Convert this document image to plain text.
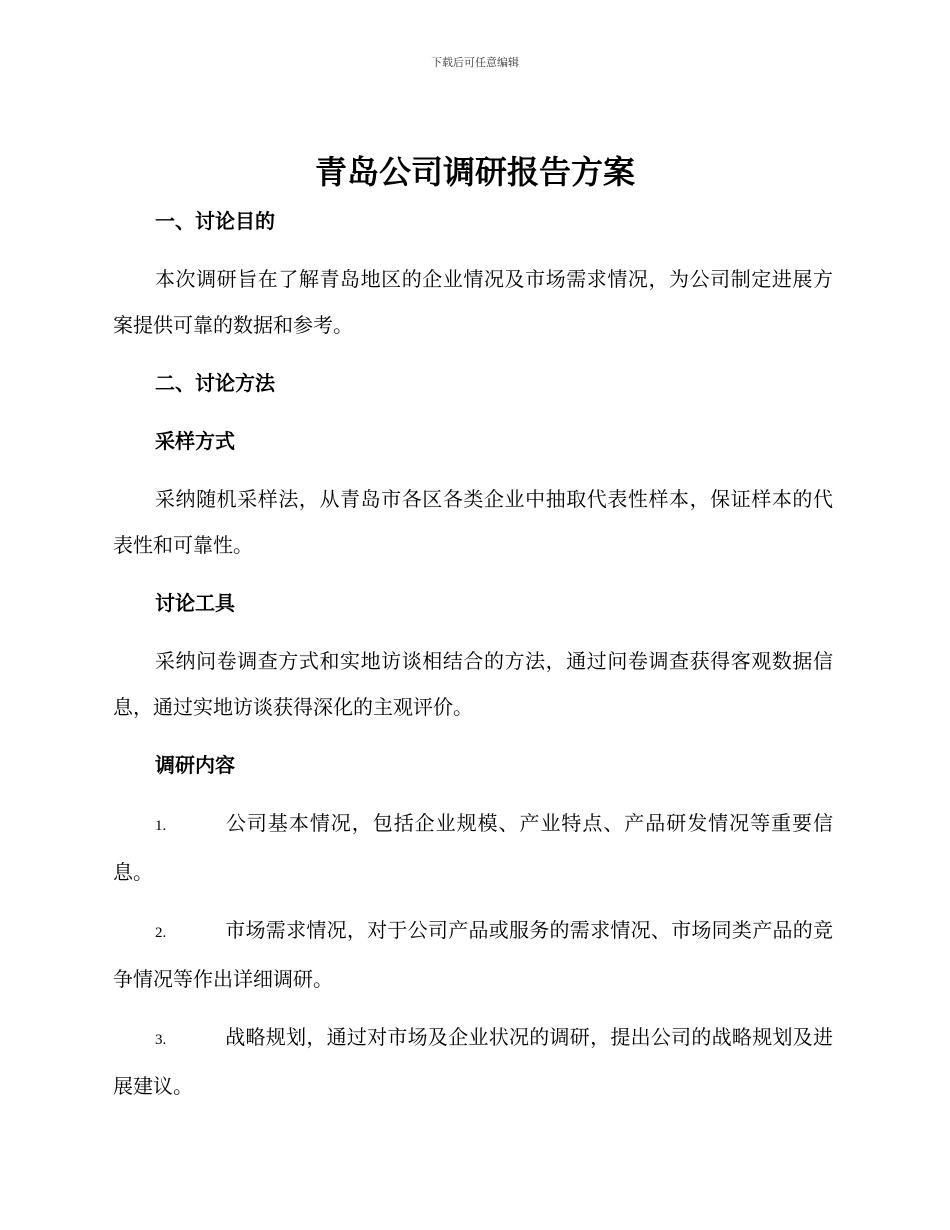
下载后可任意编辑
青岛公司调研报告方案
一、讨论目的
本次调研旨在了解青岛地区的企业情况及市场需求情况，为公司制定进展方案提供可靠的数据和参考。
二、讨论方法
采样方式
采纳随机采样法，从青岛市各区各类企业中抽取代表性样本，保证样本的代表性和可靠性。
讨论工具
采纳问卷调查方式和实地访谈相结合的方法，通过问卷调查获得客观数据信息，通过实地访谈获得深化的主观评价。
调研内容
1.	公司基本情况，包括企业规模、产业特点、产品研发情况等重要信息。
2.	市场需求情况，对于公司产品或服务的需求情况、市场同类产品的竞争情况等作出详细调研。
3.	战略规划，通过对市场及企业状况的调研，提出公司的战略规划及进展建议。
